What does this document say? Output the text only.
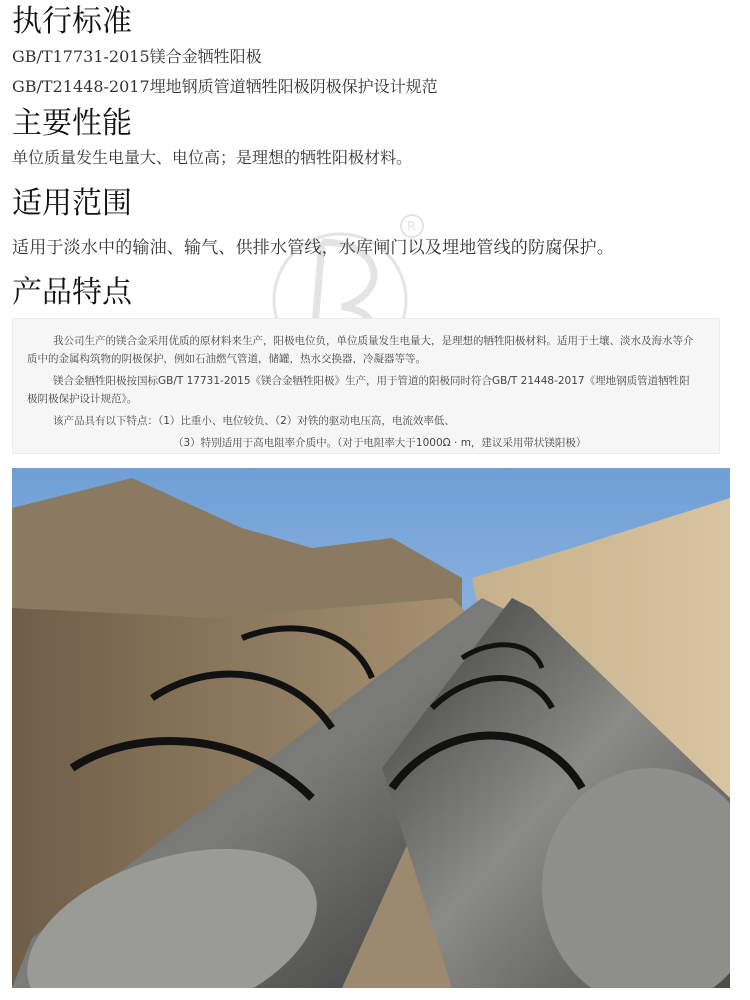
执行标准

GB/T17731-2015镁合金牺牲阳极

GB/T21448-2017埋地钢质管道牺牲阳极阴极保护设计规范

主要性能

单位质量发生电量大、电位高；是理想的牺牲阳极材料。

适用范围

适用于淡水中的输油、输气、供排水管线，水库闸门以及埋地管线的防腐保护。

产品特点
R

我公司生产的镁合金采用优质的原材料来生产，阳极电位负，单位质量发生电量大，是理想的牺牲阳极材料。适用于土壤、淡水及海水等介

质中的金属构筑物的阴极保护，例如石油燃气管道，储罐，热水交换器，冷凝器等等。

镁合金牺牲阳极按国标GB/T 17731-2015《镁合金牺牲阳极》生产，用于管道的阳极同时符合GB/T 21448-2017《埋地钢质管道牺牲阳

极阴极保护设计规范》。

该产品具有以下特点：（1）比重小、电位较负、（2）对铁的驱动电压高，电流效率低、

（3）特别适用于高电阻率介质中。（对于电阻率大于1000Ω · m，建议采用带状镁阳极）
